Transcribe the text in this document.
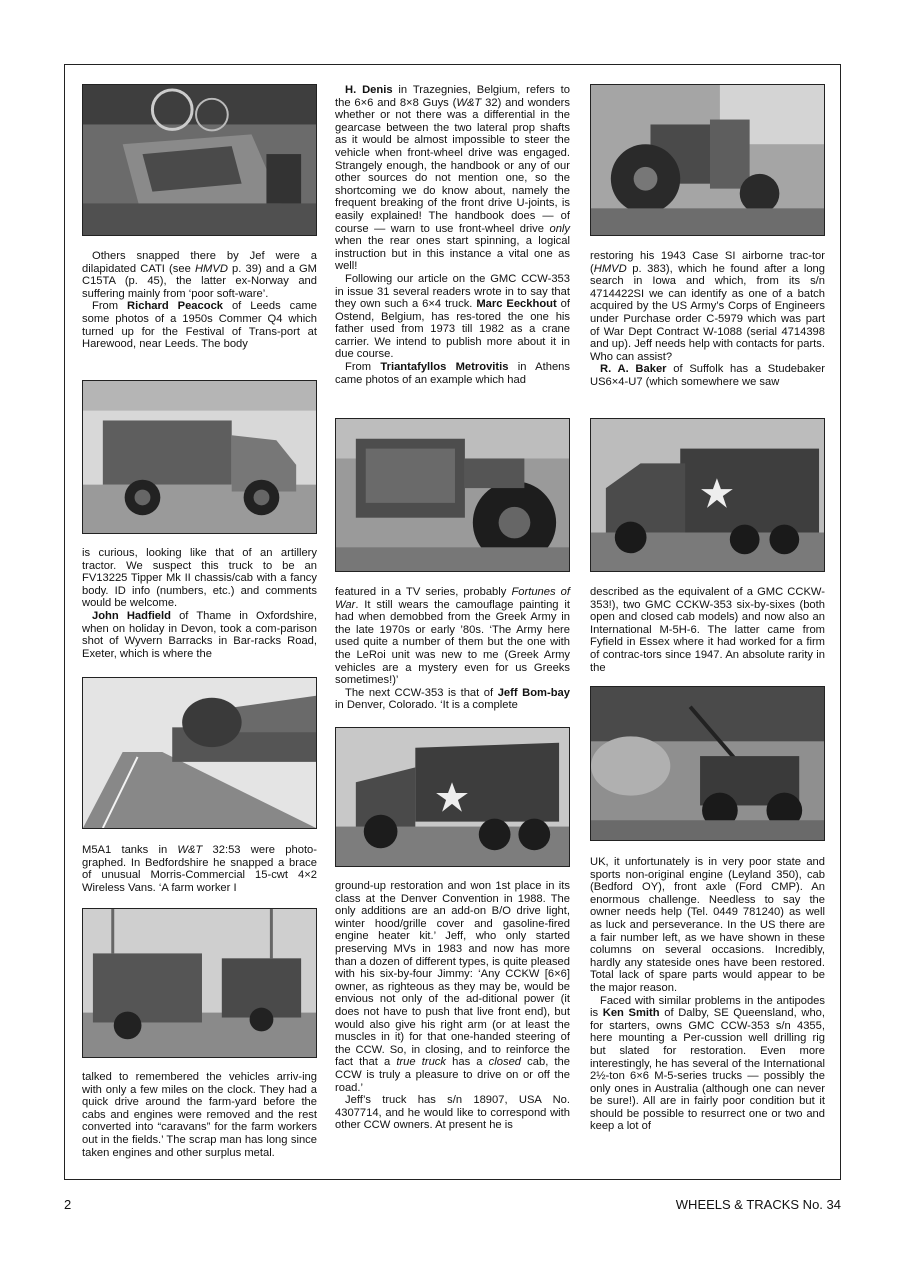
Others snapped there by Jef were a dilapidated CATI (see HMVD p. 39) and a GM C15TA (p. 45), the latter ex-Norway and suffering mainly from ‘poor soft-ware’.

From Richard Peacock of Leeds came some photos of a 1950s Commer Q4 which turned up for the Festival of Trans-port at Harewood, near Leeds. The body

is curious, looking like that of an artillery tractor. We suspect this truck to be an FV13225 Tipper Mk II chassis/cab with a fancy body. ID info (numbers, etc.) and comments would be welcome.

John Hadfield of Thame in Oxfordshire, when on holiday in Devon, took a com-parison shot of Wyvern Barracks in Bar-racks Road, Exeter, which is where the

M5A1 tanks in W&T 32:53 were photo-graphed. In Bedfordshire he snapped a brace of unusual Morris-Commercial 15-cwt 4×2 Wireless Vans. ‘A farm worker I

talked to remembered the vehicles arriv-ing with only a few miles on the clock. They had a quick drive around the farm-yard before the cabs and engines were removed and the rest converted into “caravans” for the farm workers out in the fields.’ The scrap man has long since taken engines and other surplus metal.

H. Denis in Trazegnies, Belgium, refers to the 6×6 and 8×8 Guys (W&T 32) and wonders whether or not there was a differential in the gearcase between the two lateral prop shafts as it would be almost impossible to steer the vehicle when front-wheel drive was engaged. Strangely enough, the handbook or any of our other sources do not mention one, so the shortcoming we do know about, namely the frequent breaking of the front drive U-joints, is easily explained! The handbook does — of course — warn to use front-wheel drive only when the rear ones start spinning, a logical instruction but in this instance a vital one as well!

Following our article on the GMC CCW-353 in issue 31 several readers wrote in to say that they own such a 6×4 truck. Marc Eeckhout of Ostend, Belgium, has res-tored the one his father used from 1973 till 1982 as a crane carrier. We intend to publish more about it in due course.

From Triantafyllos Metrovitis in Athens came photos of an example which had

featured in a TV series, probably Fortunes of War. It still wears the camouflage painting it had when demobbed from the Greek Army in the late 1970s or early ’80s. ‘The Army here used quite a number of them but the one with the LeRoi unit was new to me (Greek Army vehicles are a mystery even for us Greeks sometimes!)’

The next CCW-353 is that of Jeff Bom-bay in Denver, Colorado. ‘It is a complete

ground-up restoration and won 1st place in its class at the Denver Convention in 1988. The only additions are an add-on B/O drive light, winter hood/grille cover and gasoline-fired engine heater kit.’ Jeff, who only started preserving MVs in 1983 and now has more than a dozen of different types, is quite pleased with his six-by-four Jimmy: ‘Any CCKW [6×6] owner, as righteous as they may be, would be envious not only of the ad-ditional power (it does not have to push that live front end), but would also give his right arm (or at least the muscles in it) for that one-handed steering of the CCW. So, in closing, and to reinforce the fact that a true truck has a closed cab, the CCW is truly a pleasure to drive on or off the road.’

Jeff’s truck has s/n 18907, USA No. 4307714, and he would like to correspond with other CCW owners. At present he is

restoring his 1943 Case SI airborne trac-tor (HMVD p. 383), which he found after a long search in Iowa and which, from its s/n 4714422SI we can identify as one of a batch acquired by the US Army’s Corps of Engineers under Purchase order C-5979 which was part of War Dept Contract W-1088 (serial 4714398 and up). Jeff needs help with contacts for parts. Who can assist?

R. A. Baker of Suffolk has a Studebaker US6×4-U7 (which somewhere we saw

described as the equivalent of a GMC CCKW-353!), two GMC CCKW-353 six-by-sixes (both open and closed cab models) and now also an International M-5H-6. The latter came from Fyfield in Essex where it had worked for a firm of contrac-tors since 1947. An absolute rarity in the

UK, it unfortunately is in very poor state and sports non-original engine (Leyland 350), cab (Bedford OY), front axle (Ford CMP). An enormous challenge. Needless to say the owner needs help (Tel. 0449 781240) as well as luck and perseverance. In the US there are a fair number left, as we have shown in these columns on several occasions. Incredibly, hardly any stateside ones have been restored. Total lack of spare parts would appear to be the major reason.

Faced with similar problems in the antipodes is Ken Smith of Dalby, SE Queensland, who, for starters, owns GMC CCW-353 s/n 4355, here mounting a Per-cussion well drilling rig but slated for restoration. Even more interestingly, he has several of the International 2½-ton 6×6 M-5-series trucks — possibly the only ones in Australia (although one can never be sure!). All are in fairly poor condition but it should be possible to resurrect one or two and keep a lot of

2	WHEELS & TRACKS No. 34
